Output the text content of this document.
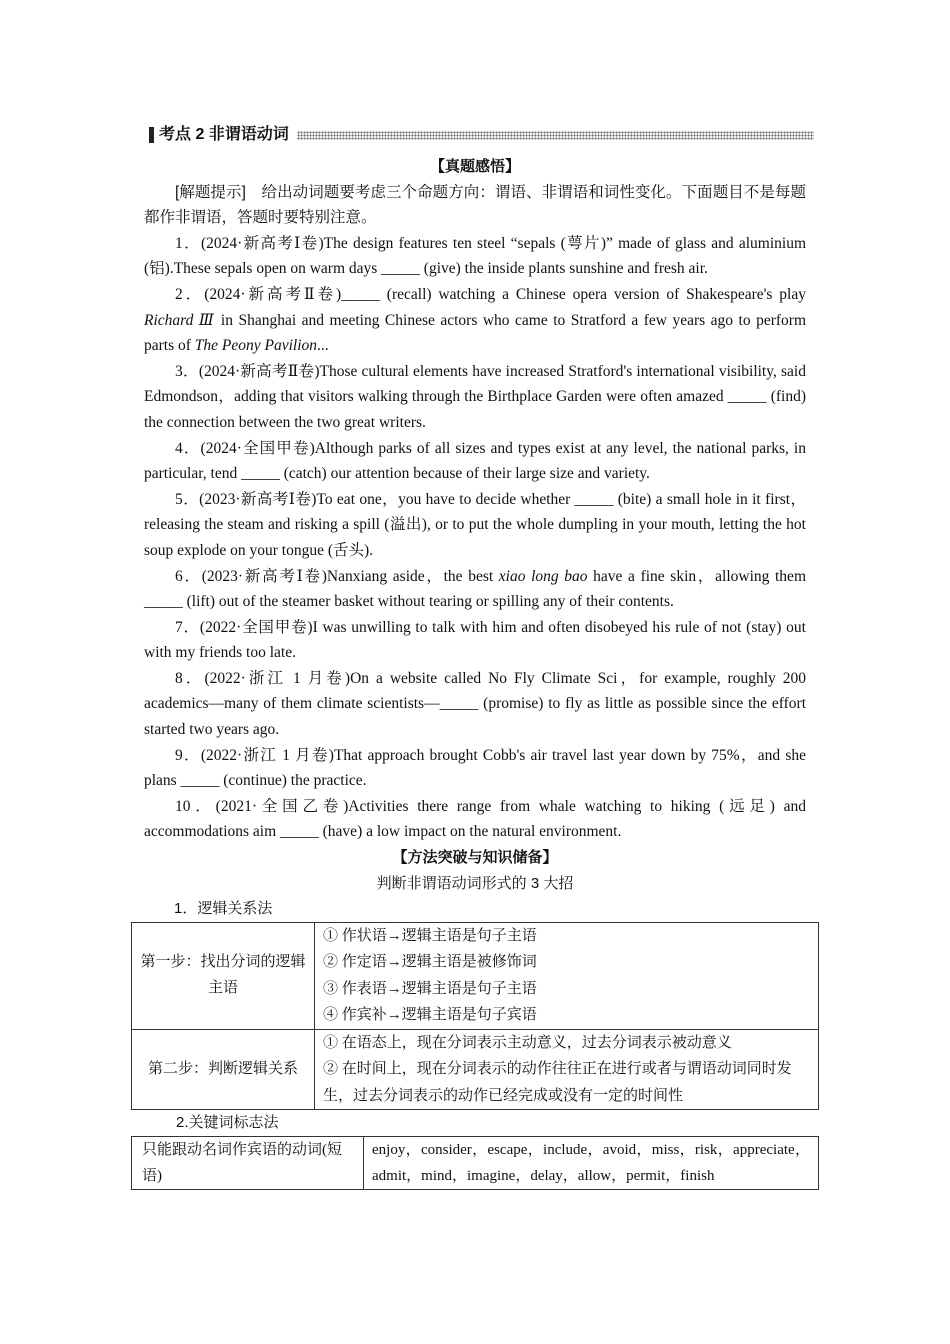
考点 2 非谓语动词
【真题感悟】

[解题提示]　 给出动词题要考虑三个命题方向：谓语、非谓语和词性变化。下面题目不是每题都作非谓语，答题时要特别注意。

1．(2024·新高考Ⅰ卷)The design features ten steel “sepals (萼片)” made of glass and aluminium (铝).These sepals open on warm days _____ (give) the inside plants sunshine and fresh air.

2．(2024·新高考Ⅱ卷)_____ (recall) watching a Chinese opera version of Shakespeare's play Richard Ⅲ in Shanghai and meeting Chinese actors who came to Stratford a few years ago to perform parts of The Peony Pavilion...

3．(2024·新高考Ⅱ卷)Those cultural elements have increased Stratford's international visibility, said Edmondson，adding that visitors walking through the Birthplace Garden were often amazed _____ (find) the connection between the two great writers.

4．(2024·全国甲卷)Although parks of all sizes and types exist at any level, the national parks, in particular, tend _____ (catch) our attention because of their large size and variety.

5．(2023·新高考Ⅰ卷)To eat one，you have to decide whether _____ (bite) a small hole in it first，releasing the steam and risking a spill (溢出), or to put the whole dumpling in your mouth, letting the hot soup explode on your tongue (舌头).

6．(2023·新高考Ⅰ卷)Nanxiang aside，the best xiao long bao have a fine skin，allowing them _____ (lift) out of the steamer basket without tearing or spilling any of their contents.

7．(2022·全国甲卷)I was unwilling to talk with him and often disobeyed his rule of not (stay) out with my friends too late.

8．(2022·浙江 1 月卷)On a website called No Fly Climate Sci，for example, roughly 200 academics—many of them climate scientists—_____ (promise) to fly as little as possible since the effort started two years ago.

9．(2022·浙江 1 月卷)That approach brought Cobb's air travel last year down by 75%，and she plans _____ (continue) the practice.

10．(2021·全国乙卷)Activities there range from whale watching to hiking (远足) and accommodations aim _____ (have) a low impact on the natural environment.

【方法突破与知识储备】
判断非谓语动词形式的 3 大招
1．逻辑关系法
第一步：找出分词的逻辑主语	① 作状语→逻辑主语是句子主语
② 作定语→逻辑主语是被修饰词
③ 作表语→逻辑主语是句子主语
④ 作宾补→逻辑主语是句子宾语

第二步：判断逻辑关系	① 在语态上，现在分词表示主动意义，过去分词表示被动意义
② 在时间上，现在分词表示的动作往往正在进行或者与谓语动词同时发生，过去分词表示的动作已经完成或没有一定的时间性
2.关键词标志法
只能跟动名词作宾语的动词(短语)	enjoy，consider，escape，include，avoid，miss，risk，appreciate，admit，mind，imagine，delay，allow，permit，finish
